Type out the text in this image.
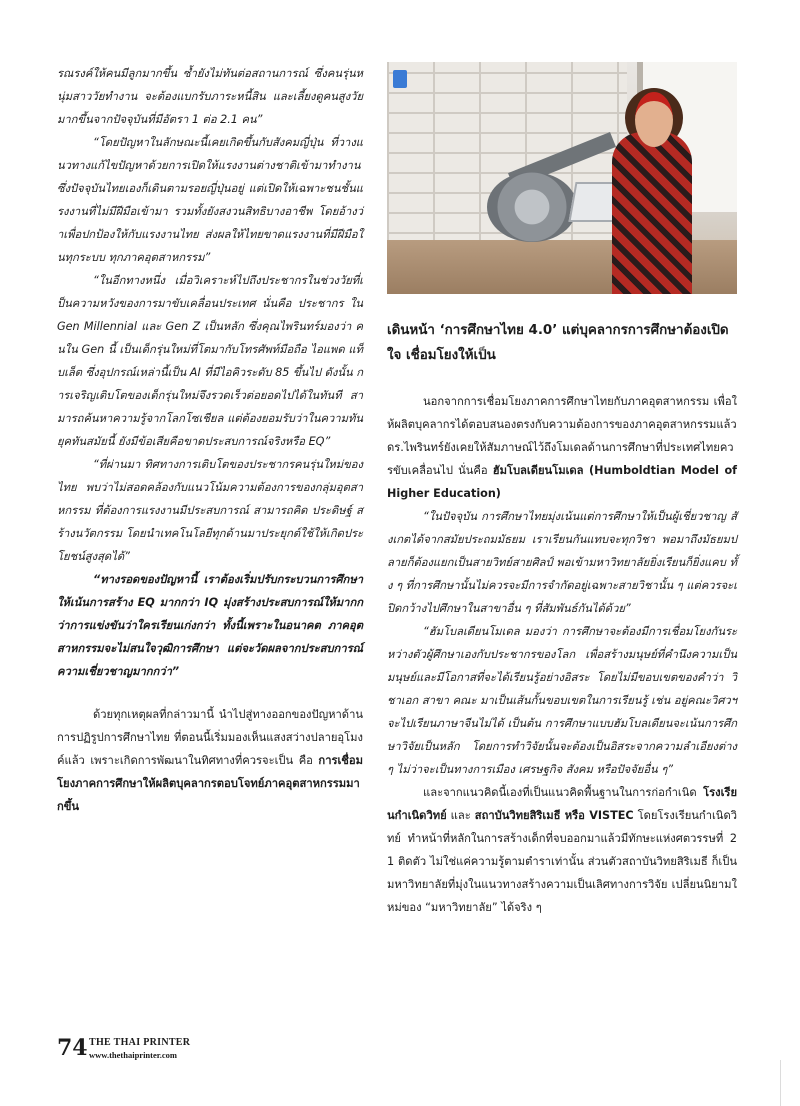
รณรงค์ให้คนมีลูกมากขึ้น ซ้ำยังไม่ทันต่อสถานการณ์ ซึ่งคนรุ่นหนุ่มสาววัยทำงาน จะต้องแบกรับภาระหนี้สิน และเลี้ยงดูคนสูงวัยมากขึ้นจากปัจจุบันที่มีอัตรา 1 ต่อ 2.1 คน”

“โดยปัญหาในลักษณะนี้เคยเกิดขึ้นกับสังคมญี่ปุ่น ที่วางแนวทางแก้ไขปัญหาด้วยการเปิดให้แรงงานต่างชาติเข้ามาทำงาน ซึ่งปัจจุบันไทยเองก็เดินตามรอยญี่ปุ่นอยู่ แต่เปิดให้เฉพาะชนชั้นแรงงานที่ไม่มีฝีมือเข้ามา รวมทั้งยังสงวนสิทธิบางอาชีพ โดยอ้างว่าเพื่อปกป้องให้กับแรงงานไทย ส่งผลให้ไทยขาดแรงงานที่มีฝีมือในทุกระบบ ทุกภาคอุตสาหกรรม”

“ในอีกทางหนึ่ง เมื่อวิเคราะห์ไปถึงประชากรในช่วงวัยที่เป็นความหวังของการมาขับเคลื่อนประเทศ นั่นคือ ประชากร ใน Gen Millennial และ Gen Z เป็นหลัก ซึ่งคุณไพรินทร์มองว่า คนใน Gen นี้ เป็นเด็กรุ่นใหม่ที่โตมากับโทรศัพท์มือถือ ไอแพด แท็บเล็ต ซึ่งอุปกรณ์เหล่านี้เป็น AI ที่มีไอคิวระดับ 85 ขึ้นไป ดังนั้น การเจริญเติบโตของเด็กรุ่นใหม่จึงรวดเร็วต่อยอดไปได้ในทันที สามารถค้นหาความรู้จากโลกโซเชียล แต่ต้องยอมรับว่าในความทันยุคทันสมัยนี้ ยังมีข้อเสียคือขาดประสบการณ์จริงหรือ EQ”

“ที่ผ่านมา ทิศทางการเติบโตของประชากรคนรุ่นใหม่ของไทย พบว่าไม่สอดคล้องกับแนวโน้มความต้องการของกลุ่มอุตสาหกรรม ที่ต้องการแรงงานมีประสบการณ์ สามารถคิด ประดิษฐ์ สร้างนวัตกรรม โดยนำเทคโนโลยีทุกด้านมาประยุกต์ใช้ให้เกิดประโยชน์สูงสุดได้”

“ทางรอดของปัญหานี้ เราต้องเริ่มปรับกระบวนการศึกษา ให้เน้นการสร้าง EQ มากกว่า IQ มุ่งสร้างประสบการณ์ให้มากกว่าการแข่งขันว่าใครเรียนเก่งกว่า ทั้งนี้เพราะในอนาคต ภาคอุตสาหกรรมจะไม่สนใจวุฒิการศึกษา แต่จะวัดผลจากประสบการณ์ความเชี่ยวชาญมากกว่า”

ด้วยทุกเหตุผลที่กล่าวมานี้ นำไปสู่ทางออกของปัญหาด้านการปฏิรูปการศึกษาไทย ที่ตอนนี้เริ่มมองเห็นแสงสว่างปลายอุโมงค์แล้ว เพราะเกิดการพัฒนาในทิศทางที่ควรจะเป็น คือ การเชื่อมโยงภาคการศึกษาให้ผลิตบุคลากรตอบโจทย์ภาคอุตสาหกรรมมากขึ้น

เดินหน้า ‘การศึกษาไทย 4.0’ แต่บุคลากรการศึกษาต้องเปิดใจ เชื่อมโยงให้เป็น

นอกจากการเชื่อมโยงภาคการศึกษาไทยกับภาคอุตสาหกรรม เพื่อให้ผลิตบุคลากรได้ตอบสนองตรงกับความต้องการของภาคอุตสาหกรรมแล้ว ดร.ไพรินทร์ยังเคยให้สัมภาษณ์ไว้ถึงโมเดลด้านการศึกษาที่ประเทศไทยควรขับเคลื่อนไป นั่นคือ ฮัมโบลเดียนโมเดล (Humboldtian Model of Higher Education)

“ในปัจจุบัน การศึกษาไทยมุ่งเน้นแต่การศึกษาให้เป็นผู้เชี่ยวชาญ สังเกตได้จากสมัยประถมมัธยม เราเรียนกันแทบจะทุกวิชา พอมาถึงมัธยมปลายก็ต้องแยกเป็นสายวิทย์สายศิลป์ พอเข้ามหาวิทยาลัยยิ่งเรียนก็ยิ่งแคบ ทั้ง ๆ ที่การศึกษานั้นไม่ควรจะมีการจำกัดอยู่เฉพาะสายวิชานั้น ๆ แต่ควรจะเปิดกว้างไปศึกษาในสาขาอื่น ๆ ที่สัมพันธ์กันได้ด้วย”

“ฮัมโบลเดียนโมเดล มองว่า การศึกษาจะต้องมีการเชื่อมโยงกันระหว่างตัวผู้ศึกษาเองกับประชากรของโลก เพื่อสร้างมนุษย์ที่คำนึงความเป็นมนุษย์และมีโอกาสที่จะได้เรียนรู้อย่างอิสระ โดยไม่มีขอบเขตของคำว่า วิชาเอก สาขา คณะ มาเป็นเส้นกั้นขอบเขตในการเรียนรู้ เช่น อยู่คณะวิศวฯ จะไปเรียนภาษาจีนไม่ได้ เป็นต้น การศึกษาแบบฮัมโบลเดียนจะเน้นการศึกษาวิจัยเป็นหลัก โดยการทำวิจัยนั้นจะต้องเป็นอิสระจากความลำเอียงต่าง ๆ ไม่ว่าจะเป็นทางการเมือง เศรษฐกิจ สังคม หรือปัจจัยอื่น ๆ”

และจากแนวคิดนี้เองที่เป็นแนวคิดพื้นฐานในการก่อกำเนิด โรงเรียนกำเนิดวิทย์ และ สถาบันวิทยสิริเมธี หรือ VISTEC โดยโรงเรียนกำเนิดวิทย์ ทำหน้าที่หลักในการสร้างเด็กที่จบออกมาแล้วมีทักษะแห่งศตวรรษที่ 21 ติดตัว ไม่ใช่แค่ความรู้ตามตำราเท่านั้น ส่วนตัวสถาบันวิทยสิริเมธี ก็เป็นมหาวิทยาลัยที่มุ่งในแนวทางสร้างความเป็นเลิศทางการวิจัย เปลี่ยนนิยามใหม่ของ “มหาวิทยาลัย” ได้จริง ๆ

74 THE THAI PRINTER
www.thethaiprinter.com
